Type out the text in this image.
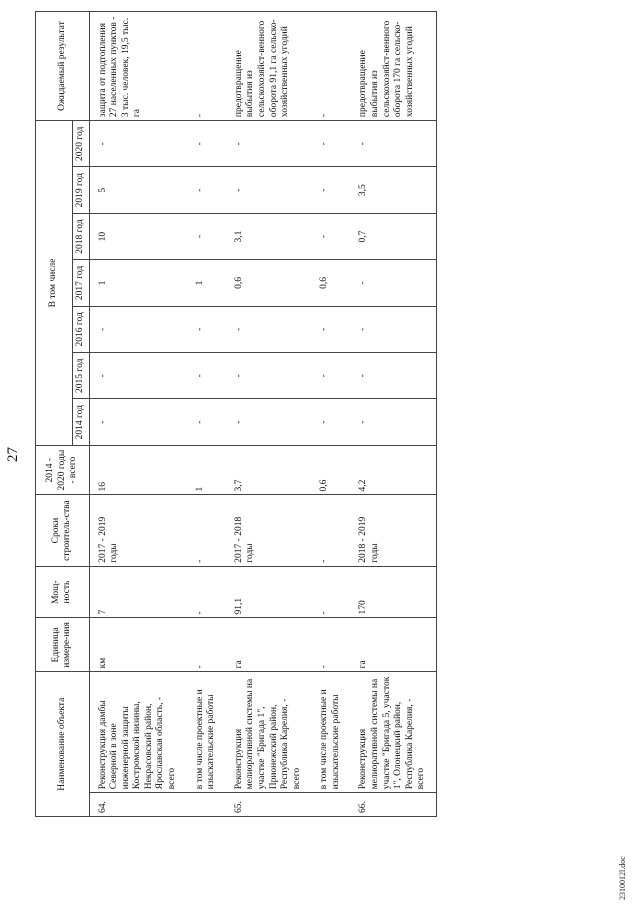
27
Наименование объекта		Единица измере-ния	Мощ-ность	Сроки строитель-ства	2014 - 2020 годы - всего	В том числе							Ожидаемый результат
						2014 год	2015 год	2016 год	2017 год	2018 год	2019 год	2020 год	
64.	Реконструкция дамбы Северной в зоне инженерной защиты Костромской низины, Некрасовский район, Ярославская область, - всего	км	7	2017 - 2019 годы	16	-	-	-	1	10	5	-	защита от подтопления 27 населенных пунктов - 3 тыс. человек, 19,5 тыс. га
	в том числе проектные и изыскательские работы	-	-	-	1	-	-	-	1	-	-	-	-
65.	Реконструкция мелиоративной системы на участке "Бригада 1", Прионежский район, Республика Карелия, - всего	га	91,1	2017 - 2018 годы	3,7	-	-	-	0,6	3,1	-	-	предотвращение выбытия из сельскохозяйст-венного оборота 91,1 га сельско-хозяйственных угодий
	в том числе проектные и изыскательские работы	-	-	-	0,6	-	-	-	0,6	-	-	-	-
66.	Реконструкция мелиоративной системы на участке "Бригада 5, участок 1", Олонецкий район, Республика Карелия, - всего	га	170	2018 - 2019 годы	4,2	-	-	-	-	0,7	3,5	-	предотвращение выбытия из сельскохозяйст-венного оборота 170 га сельско-хозяйственных угодий
2310012l.doc
